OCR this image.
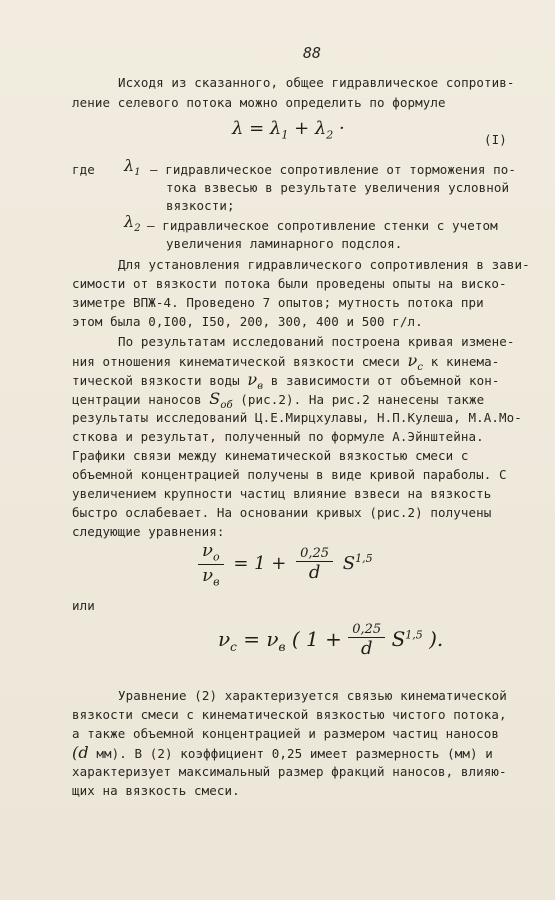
88
Исходя из сказанного, общее гидравлическое сопротив-
ление селевого потока можно определить по формуле
$\lambda = \lambda_1 + \lambda_2$ ·
(I)
где $\lambda_1$ – гидравлическое сопротивление от торможения по-
тока взвесью в результате увеличения условной
вязкости;
$\lambda_2$ – гидравлическое сопротивление стенки с учетом
увеличения ламинарного подслоя.
Для установления гидравлического сопротивления в зави-
симости от вязкости потока были проведены опыты на виско-
зиметре ВПЖ-4. Проведено 7 опытов; мутность потока при
этом была 0,I00, I50, 200, 300, 400 и 500 г/л.
По результатам исследований построена кривая измене-
ния отношения кинематической вязкости смеси $\nu_c$ к кинема-
тической вязкости воды $\nu_в$ в зависимости от объемной кон-
центрации наносов $S_{об}$ (рис.2). На рис.2 нанесены также
результаты исследований Ц.Е.Мирцхулавы, Н.П.Кулеша, М.А.Мо-
сткова и результат, полученный по формуле А.Эйнштейна.
Графики связи между кинематической вязкостью смеси с
объемной концентрацией получены в виде кривой параболы. С
увеличением крупности частиц влияние взвеси на вязкость
быстро ослабевает. На основании кривых (рис.2) получены
следующие уравнения:
$\frac{\nu_o}{\nu_в} = 1 + \frac{0,25}{d} S^{1,5}$
или
$\nu_c = \nu_в$ ( $1 + \frac{0,25}{d} S^{1,5}$ ).
Уравнение (2) характеризуется связью кинематической
вязкости смеси с кинематической вязкостью чистого потока,
а также объемной концентрацией и размером частиц наносов
(d мм). В (2) коэффициент 0,25 имеет размерность (мм) и
характеризует максимальный размер фракций наносов, влияю-
щих на вязкость смеси.
